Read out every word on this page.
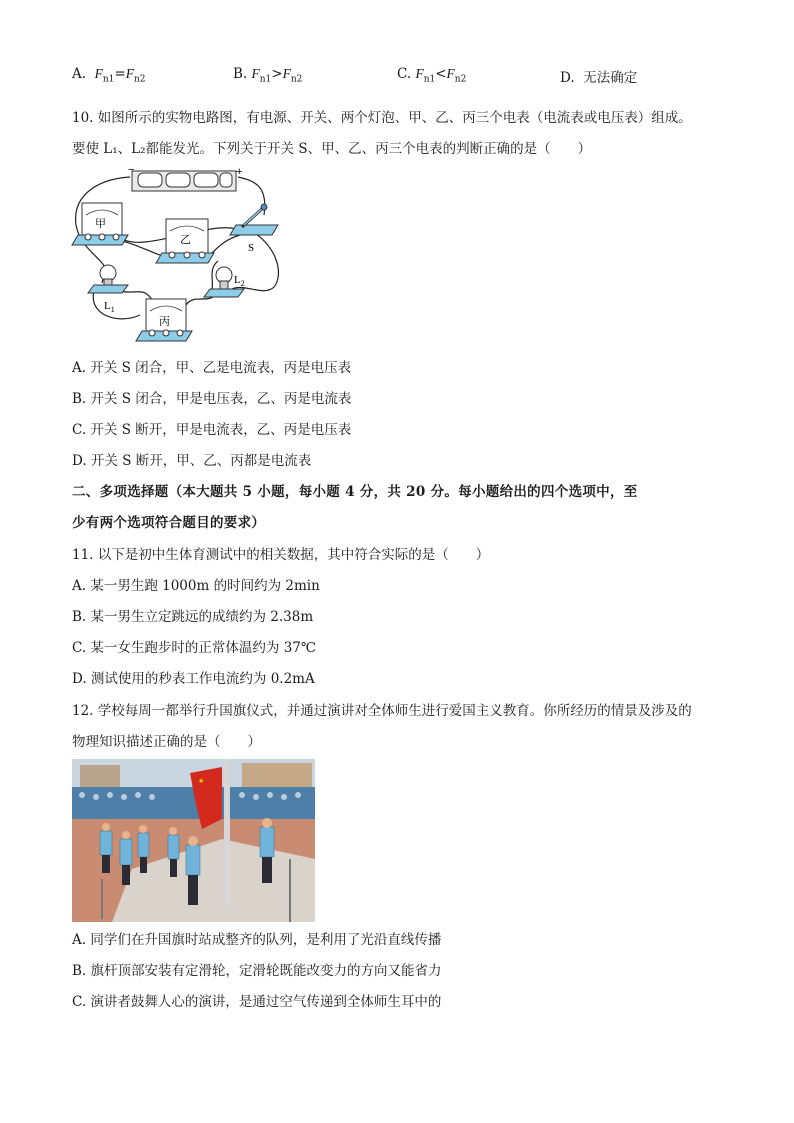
A. $F_{n1}=F_{n2}$	B. $F_{n1}>F_{n2}$	C. $F_{n1}<F_{n2}$	D. 无法确定
10. 如图所示的实物电路图，有电源、开关、两个灯泡、甲、乙、丙三个电表（电流表或电压表）组成。
要使 L₁、L₂都能发光。下列关于开关 S、甲、乙、丙三个电表的判断正确的是（　　）
−	+
甲
乙
S
$L_1$
$L_2$
丙
A. 开关 S 闭合，甲、乙是电流表，丙是电压表
B. 开关 S 闭合，甲是电压表，乙、丙是电流表
C. 开关 S 断开，甲是电流表，乙、丙是电压表
D. 开关 S 断开，甲、乙、丙都是电流表
二、多项选择题（本大题共 5 小题，每小题 4 分，共 20 分。每小题给出的四个选项中，至
少有两个选项符合题目的要求）
11. 以下是初中生体育测试中的相关数据，其中符合实际的是（　　）
A. 某一男生跑 1000m 的时间约为 2min
B. 某一男生立定跳远的成绩约为 2.38m
C. 某一女生跑步时的正常体温约为 37℃
D. 测试使用的秒表工作电流约为 0.2mA
12. 学校每周一都举行升国旗仪式，并通过演讲对全体师生进行爱国主义教育。你所经历的情景及涉及的
物理知识描述正确的是（　　）
★
A. 同学们在升国旗时站成整齐的队列，是利用了光沿直线传播
B. 旗杆顶部安装有定滑轮，定滑轮既能改变力的方向又能省力
C. 演讲者鼓舞人心的演讲，是通过空气传递到全体师生耳中的
